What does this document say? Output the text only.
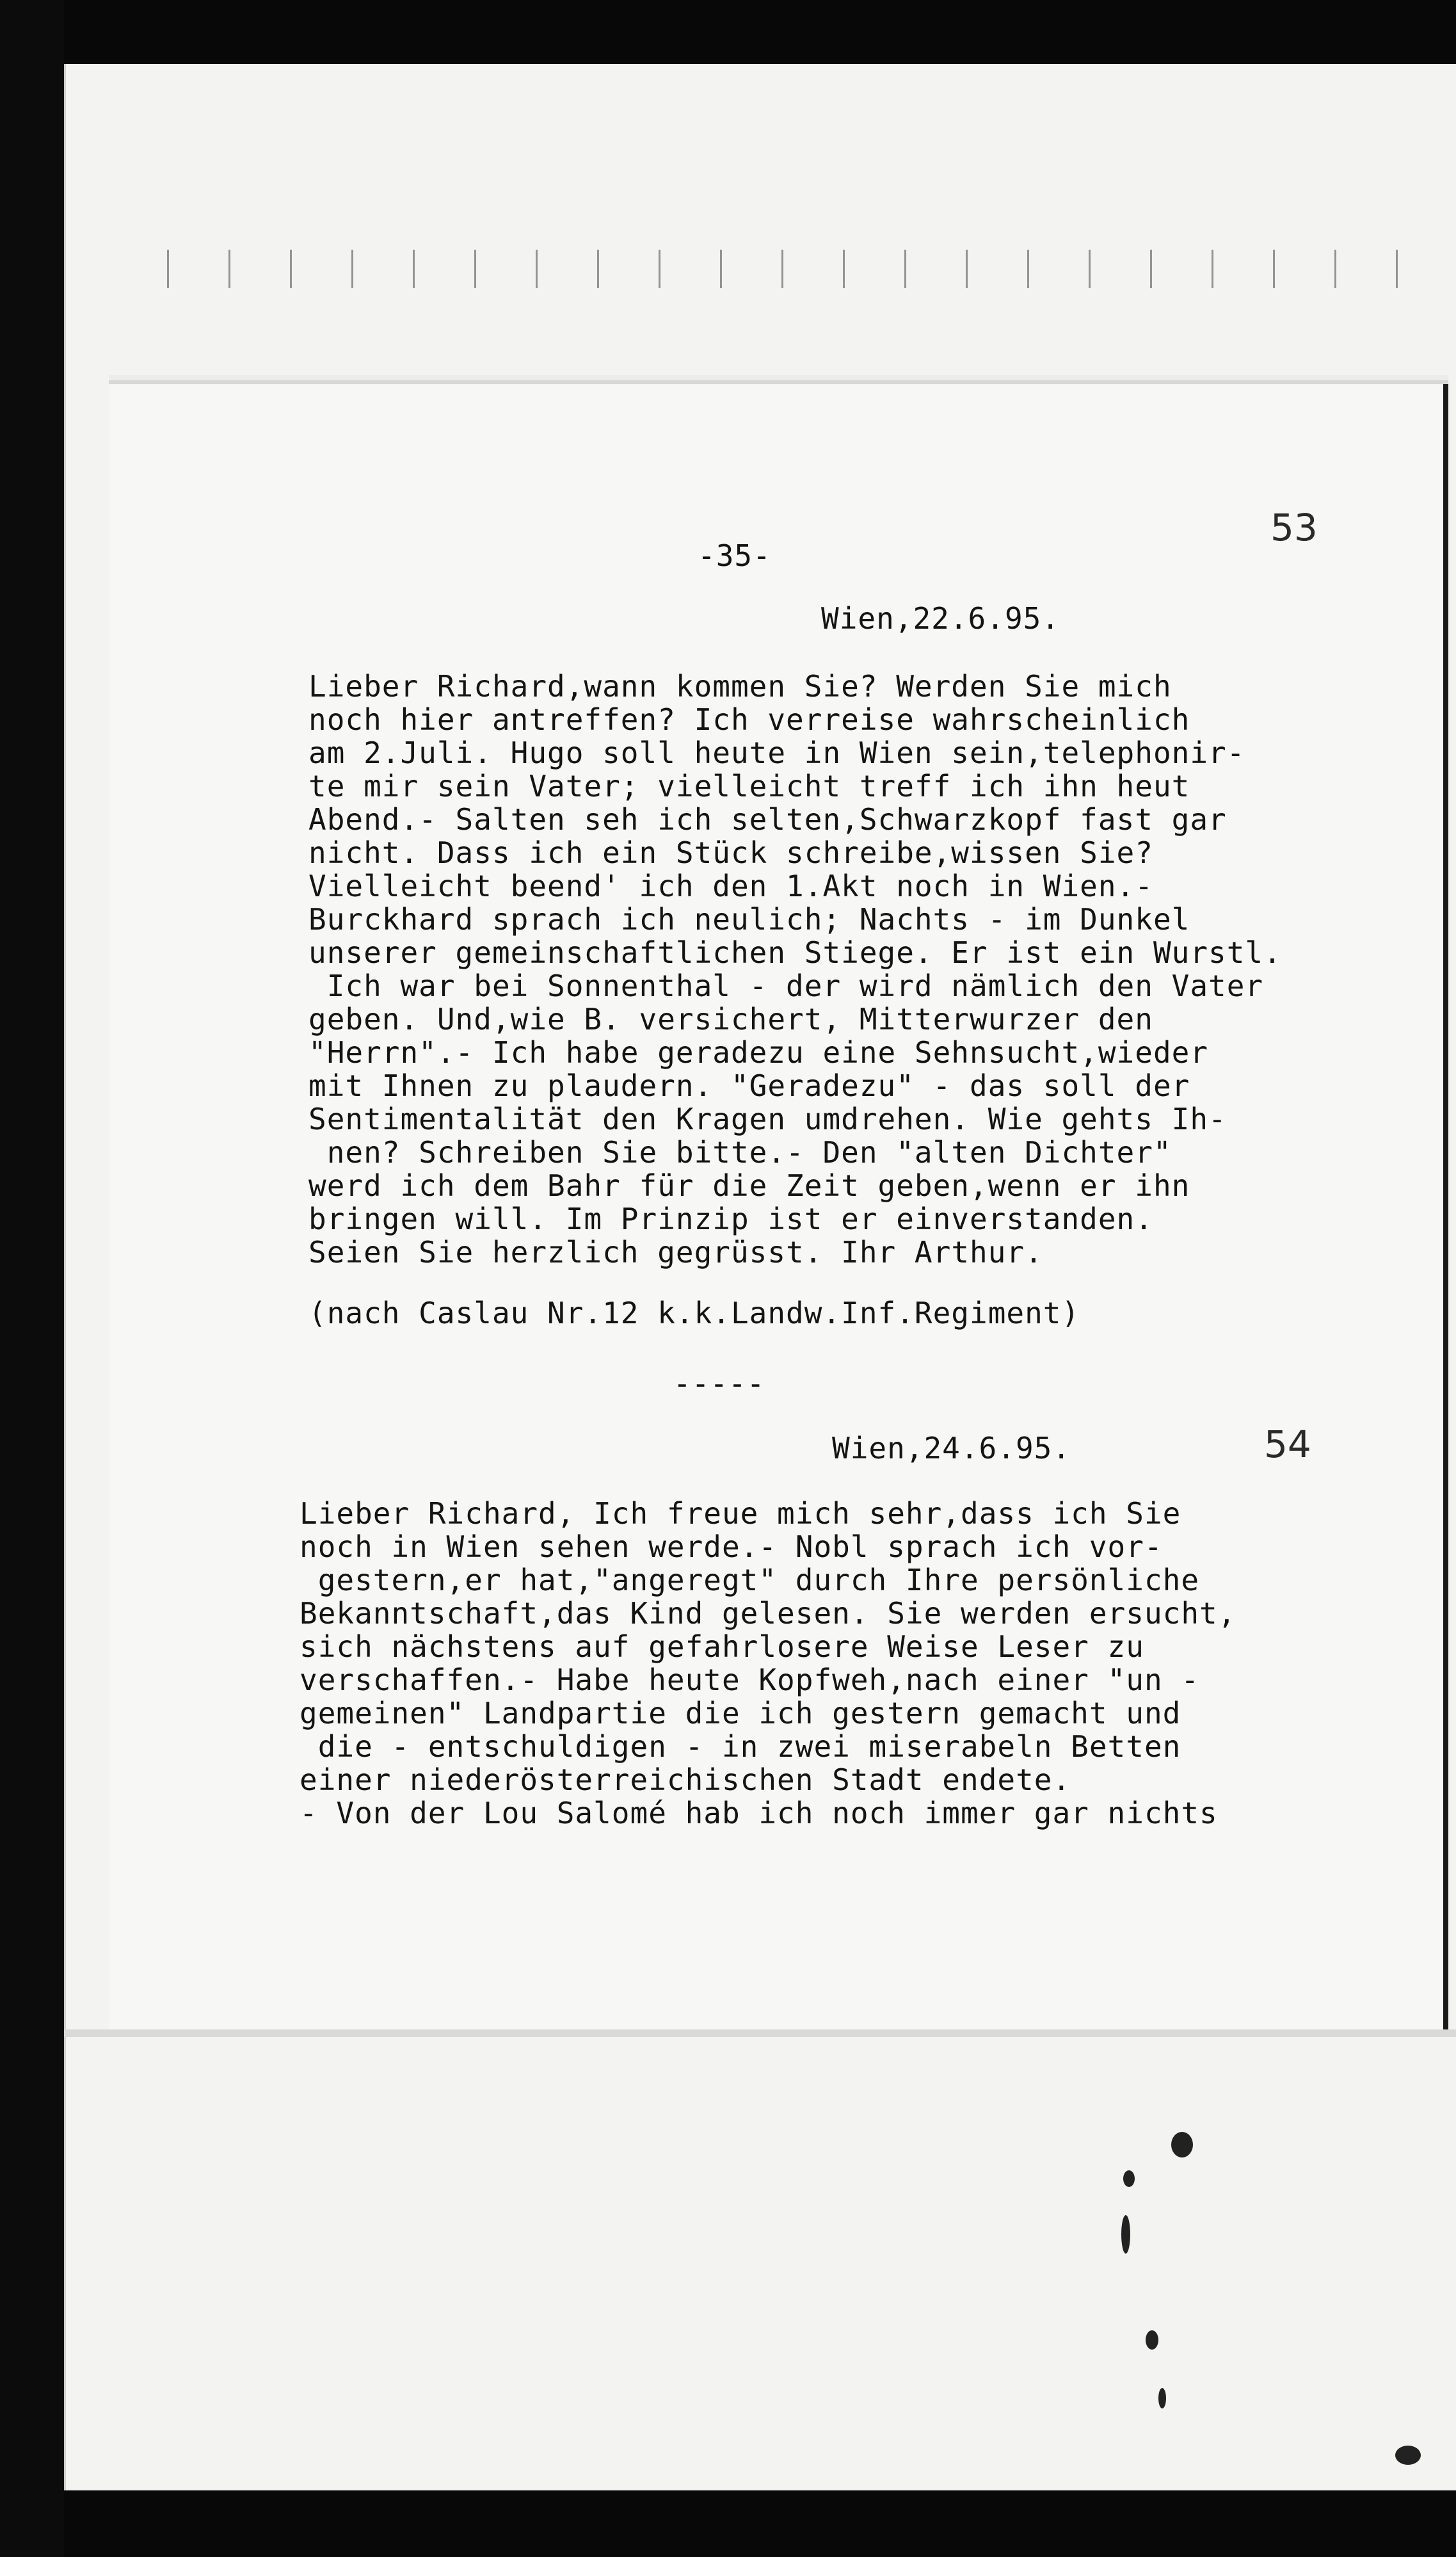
-35-
53
Wien,22.6.95.
Lieber Richard,wann kommen Sie? Werden Sie mich
noch hier antreffen? Ich verreise wahrscheinlich
am 2.Juli. Hugo soll heute in Wien sein,telephonir-
te mir sein Vater; vielleicht treff ich ihn heut
Abend.- Salten seh ich selten,Schwarzkopf fast gar
nicht. Dass ich ein Stück schreibe,wissen Sie?
Vielleicht beend' ich den 1.Akt noch in Wien.-
Burckhard sprach ich neulich; Nachts - im Dunkel
unserer gemeinschaftlichen Stiege. Er ist ein Wurstl.
Ich war bei Sonnenthal - der wird nämlich den Vater
geben. Und,wie B. versichert, Mitterwurzer den
"Herrn".- Ich habe geradezu eine Sehnsucht,wieder
mit Ihnen zu plaudern. "Geradezu" - das soll der
Sentimentalität den Kragen umdrehen. Wie gehts Ih-
nen? Schreiben Sie bitte.- Den "alten Dichter"
werd ich dem Bahr für die Zeit geben,wenn er ihn
bringen will. Im Prinzip ist er einverstanden.
Seien Sie herzlich gegrüsst. Ihr Arthur.
(nach Caslau Nr.12 k.k.Landw.Inf.Regiment)
-----
Wien,24.6.95.	54
Lieber Richard, Ich freue mich sehr,dass ich Sie
noch in Wien sehen werde.- Nobl sprach ich vor-
gestern,er hat,"angeregt" durch Ihre persönliche
Bekanntschaft,das Kind gelesen. Sie werden ersucht,
sich nächstens auf gefahrlosere Weise Leser zu
verschaffen.- Habe heute Kopfweh,nach einer "un -
gemeinen" Landpartie die ich gestern gemacht und
die - entschuldigen - in zwei miserabeln Betten
einer niederösterreichischen Stadt endete.
- Von der Lou Salomé hab ich noch immer gar nichts
